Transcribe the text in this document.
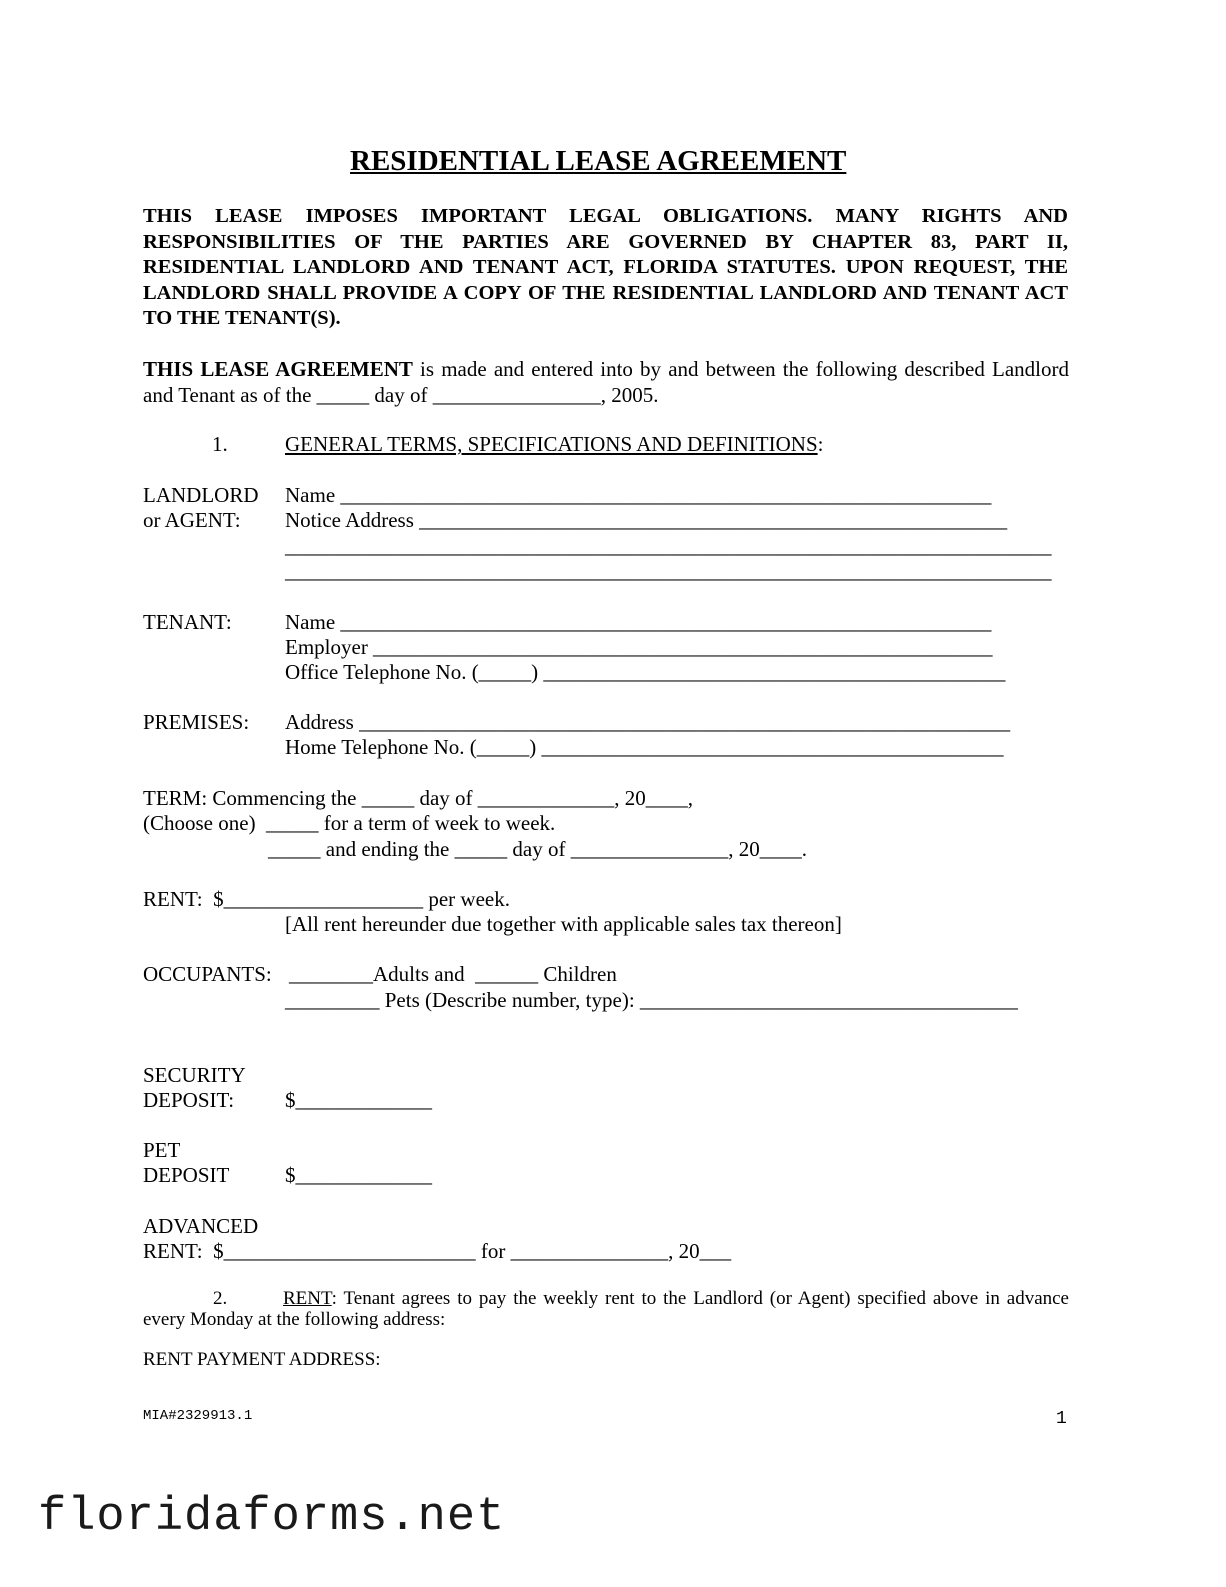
RESIDENTIAL LEASE AGREEMENT
THIS LEASE IMPOSES IMPORTANT LEGAL OBLIGATIONS. MANY RIGHTS AND RESPONSIBILITIES OF THE PARTIES ARE GOVERNED BY CHAPTER 83, PART II, RESIDENTIAL LANDLORD AND TENANT ACT, FLORIDA STATUTES. UPON REQUEST, THE LANDLORD SHALL PROVIDE A COPY OF THE RESIDENTIAL LANDLORD AND TENANT ACT TO THE TENANT(S).
THIS LEASE AGREEMENT is made and entered into by and between the following described Landlord and Tenant as of the _____ day of ________________, 2005.
1.	GENERAL TERMS, SPECIFICATIONS AND DEFINITIONS:
LANDLORD
or AGENT:
Name ______________________________________________________________
Notice Address ________________________________________________________
_________________________________________________________________________
_________________________________________________________________________
TENANT:	Name ______________________________________________________________
Employer ___________________________________________________________
Office Telephone No. (_____) ____________________________________________
PREMISES: Address ______________________________________________________________
Home Telephone No. (_____) ____________________________________________
TERM: Commencing the _____ day of _____________, 20____,
(Choose one)  _____ for a term of week to week.
_____ and ending the _____ day of _______________, 20____.
RENT:  $___________________ per week.
[All rent hereunder due together with applicable sales tax thereon]
OCCUPANTS: ________Adults and  ______ Children
_________ Pets (Describe number, type): ____________________________________
SECURITY
DEPOSIT: $_____________
PET
DEPOSIT	$_____________
ADVANCED
RENT:  $________________________ for _______________, 20___
2.	RENT: Tenant agrees to pay the weekly rent to the Landlord (or Agent) specified above in advance every Monday at the following address:
RENT PAYMENT ADDRESS:
MIA#2329913.1	1
floridaforms.net
